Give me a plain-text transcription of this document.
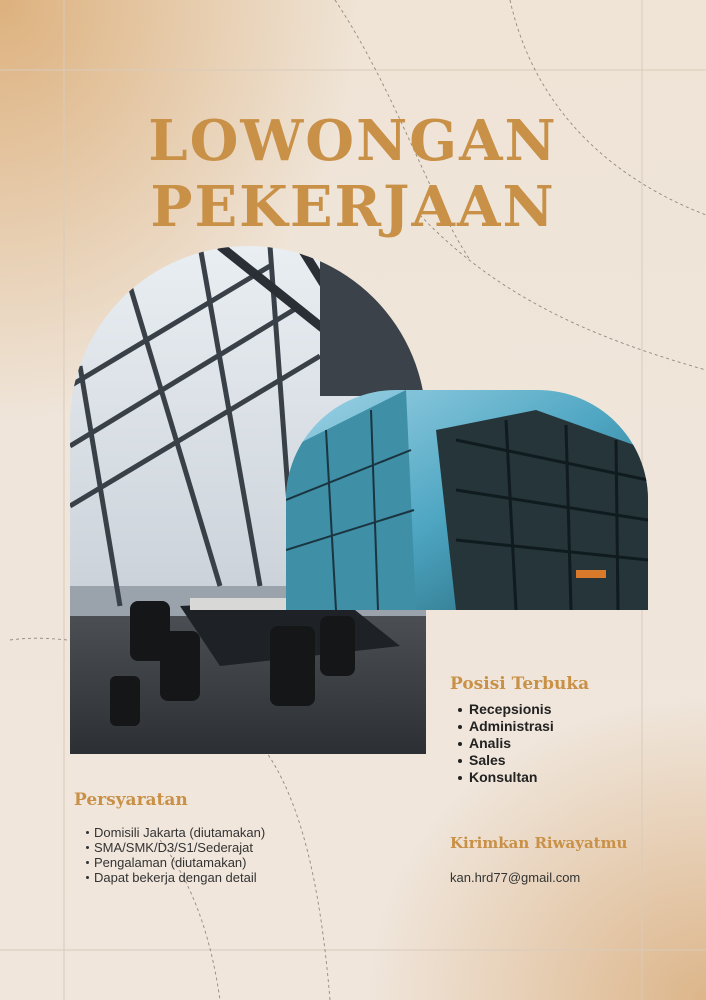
LOWONGAN
PEKERJAAN
Posisi Terbuka
Recepsionis
Administrasi
Analis
Sales
Konsultan
Persyaratan
Domisili Jakarta (diutamakan)
SMA/SMK/D3/S1/Sederajat
Pengalaman (diutamakan)
Dapat bekerja dengan detail
Kirimkan Riwayatmu
kan.hrd77@gmail.com
